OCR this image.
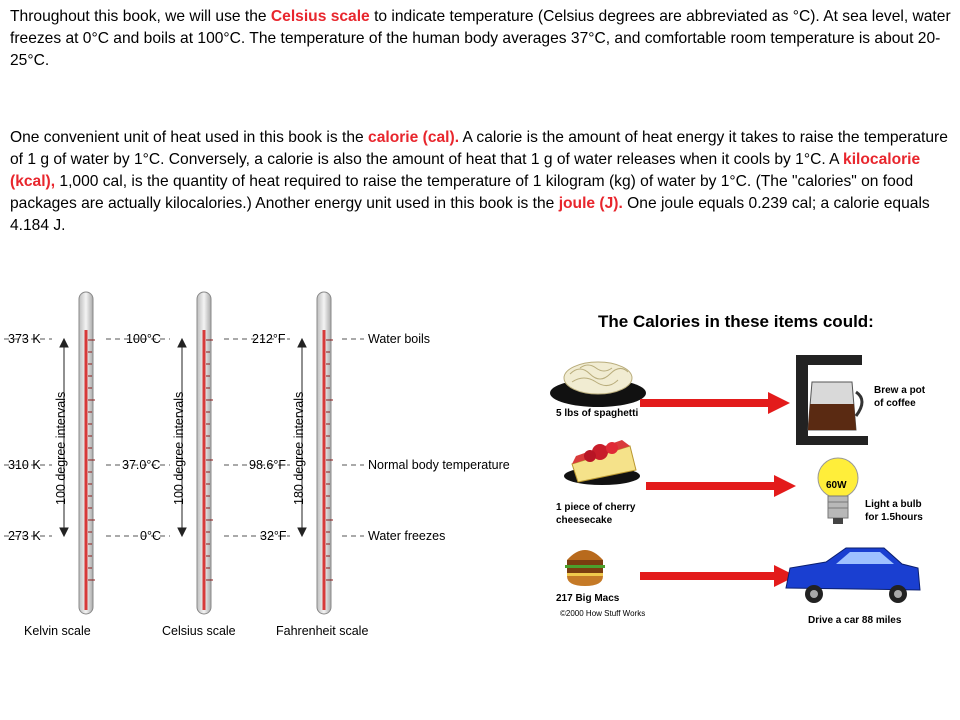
Throughout this book, we will use the Celsius scale to indicate temperature (Celsius degrees are abbreviated as °C). At sea level, water freezes at 0°C and boils at 100°C. The temperature of the human body averages 37°C, and comfortable room temperature is about 20-25°C.
One convenient unit of heat used in this book is the calorie (cal). A calorie is the amount of heat energy it takes to raise the temperature of 1 g of water by 1°C. Conversely, a calorie is also the amount of heat that 1 g of water releases when it cools by 1°C. A kilocalorie (kcal), 1,000 cal, is the quantity of heat required to raise the temperature of 1 kilogram (kg) of water by 1°C. (The "calories" on food packages are actually kilocalories.) Another energy unit used in this book is the joule (J). One joule equals 0.239 cal; a calorie equals 4.184 J.
373 K
310 K
273 K
100°C
37.0°C
0°C
212°F
98.6°F
32°F
Water boils
Normal body temperature
Water freezes
100 degree intervals	100 degree intervals	180 degree intervals
Kelvin scale	Celsius scale	Fahrenheit scale
The Calories in these items could:
5 lbs of spaghetti
Brew a pot
of coffee
1 piece of cherry
cheesecake
60W
Light a bulb
for 1.5hours
217 Big Macs
©2000 How Stuff Works
Drive a car 88 miles
